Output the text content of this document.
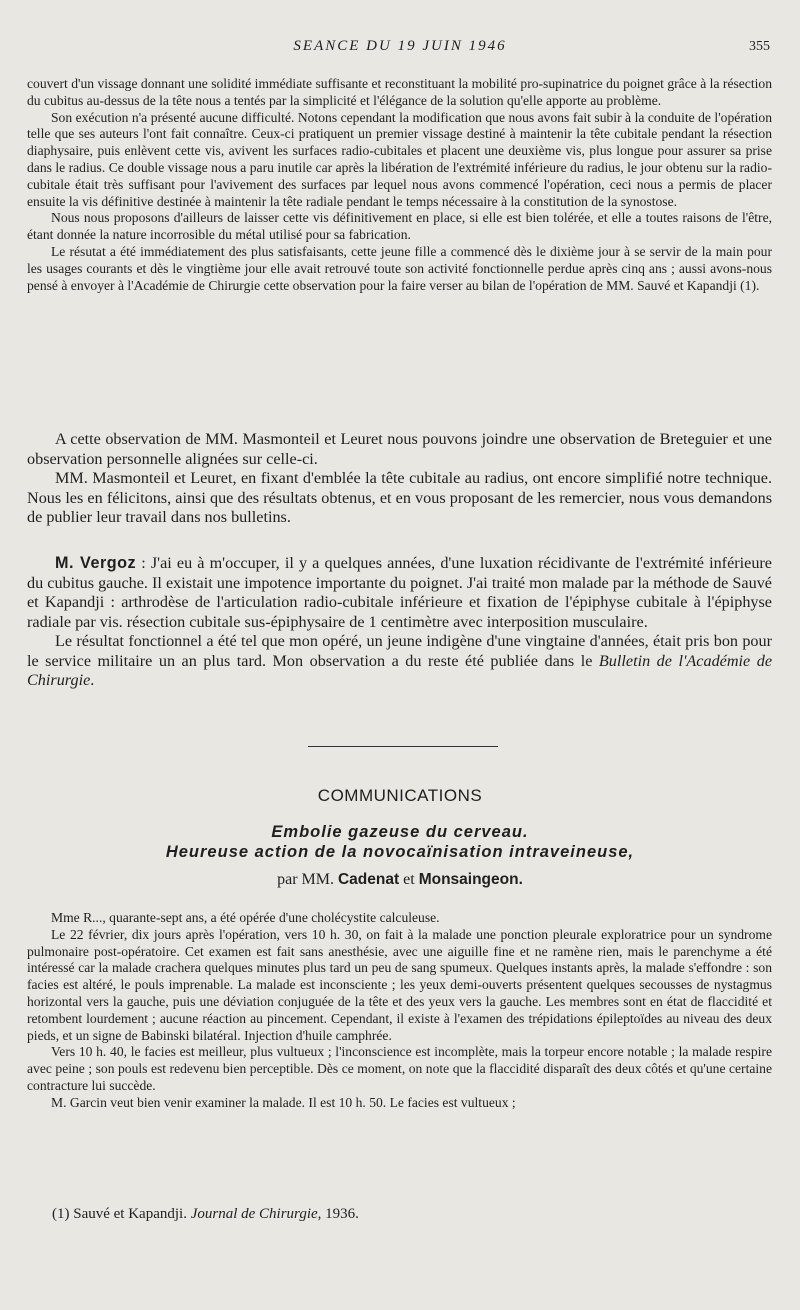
SEANCE DU 19 JUIN 1946	355

couvert d'un vissage donnant une solidité immédiate suffisante et reconstituant la mobilité pro-supinatrice du poignet grâce à la résection du cubitus au-dessus de la tête nous a tentés par la simplicité et l'élégance de la solution qu'elle apporte au problème.

Son exécution n'a présenté aucune difficulté. Notons cependant la modification que nous avons fait subir à la conduite de l'opération telle que ses auteurs l'ont fait connaître. Ceux-ci pratiquent un premier vissage destiné à maintenir la tête cubitale pendant la résection diaphysaire, puis enlèvent cette vis, avivent les surfaces radio-cubitales et placent une deuxième vis, plus longue pour assurer sa prise dans le radius. Ce double vissage nous a paru inutile car après la libération de l'extrémité inférieure du radius, le jour obtenu sur la radio-cubitale était très suffisant pour l'avivement des surfaces par lequel nous avons commencé l'opération, ceci nous a permis de placer ensuite la vis définitive destinée à maintenir la tête radiale pendant le temps nécessaire à la constitution de la synostose.

Nous nous proposons d'ailleurs de laisser cette vis définitivement en place, si elle est bien tolérée, et elle a toutes raisons de l'être, étant donnée la nature incorrosible du métal utilisé pour sa fabrication.

Le résutat a été immédiatement des plus satisfaisants, cette jeune fille a commencé dès le dixième jour à se servir de la main pour les usages courants et dès le vingtième jour elle avait retrouvé toute son activité fonctionnelle perdue après cinq ans ; aussi avons-nous pensé à envoyer à l'Académie de Chirurgie cette observation pour la faire verser au bilan de l'opération de MM. Sauvé et Kapandji (1).

A cette observation de MM. Masmonteil et Leuret nous pouvons joindre une observation de Breteguier et une observation personnelle alignées sur celle-ci.

MM. Masmonteil et Leuret, en fixant d'emblée la tête cubitale au radius, ont encore simplifié notre technique. Nous les en félicitons, ainsi que des résultats obtenus, et en vous proposant de les remercier, nous vous demandons de publier leur travail dans nos bulletins.

M. Vergoz : J'ai eu à m'occuper, il y a quelques années, d'une luxation récidivante de l'extrémité inférieure du cubitus gauche. Il existait une impotence importante du poignet. J'ai traité mon malade par la méthode de Sauvé et Kapandji : arthrodèse de l'articulation radio-cubitale inférieure et fixation de l'épiphyse cubitale à l'épiphyse radiale par vis. résection cubitale sus-épiphysaire de 1 centimètre avec interposition musculaire.

Le résultat fonctionnel a été tel que mon opéré, un jeune indigène d'une vingtaine d'années, était pris bon pour le service militaire un an plus tard. Mon observation a du reste été publiée dans le Bulletin de l'Académie de Chirurgie.

COMMUNICATIONS
Embolie gazeuse du cerveau.
Heureuse action de la novocaïnisation intraveineuse,
par MM. Cadenat et Monsaingeon.

Mme R..., quarante-sept ans, a été opérée d'une cholécystite calculeuse.

Le 22 février, dix jours après l'opération, vers 10 h. 30, on fait à la malade une ponction pleurale exploratrice pour un syndrome pulmonaire post-opératoire. Cet examen est fait sans anesthésie, avec une aiguille fine et ne ramène rien, mais le parenchyme a été intéressé car la malade crachera quelques minutes plus tard un peu de sang spumeux. Quelques instants après, la malade s'effondre : son facies est altéré, le pouls imprenable. La malade est inconsciente ; les yeux demi-ouverts présentent quelques secousses de nystagmus horizontal vers la gauche, puis une déviation conjuguée de la tête et des yeux vers la gauche. Les membres sont en état de flaccidité et retombent lourdement ; aucune réaction au pincement. Cependant, il existe à l'examen des trépidations épileptoïdes au niveau des deux pieds, et un signe de Babinski bilatéral. Injection d'huile camphrée.

Vers 10 h. 40, le facies est meilleur, plus vultueux ; l'inconscience est incomplète, mais la torpeur encore notable ; la malade respire avec peine ; son pouls est redevenu bien perceptible. Dès ce moment, on note que la flaccidité disparaît des deux côtés et qu'une certaine contracture lui succède.

M. Garcin veut bien venir examiner la malade. Il est 10 h. 50. Le facies est vultueux ;

(1) Sauvé et Kapandji. Journal de Chirurgie, 1936.
